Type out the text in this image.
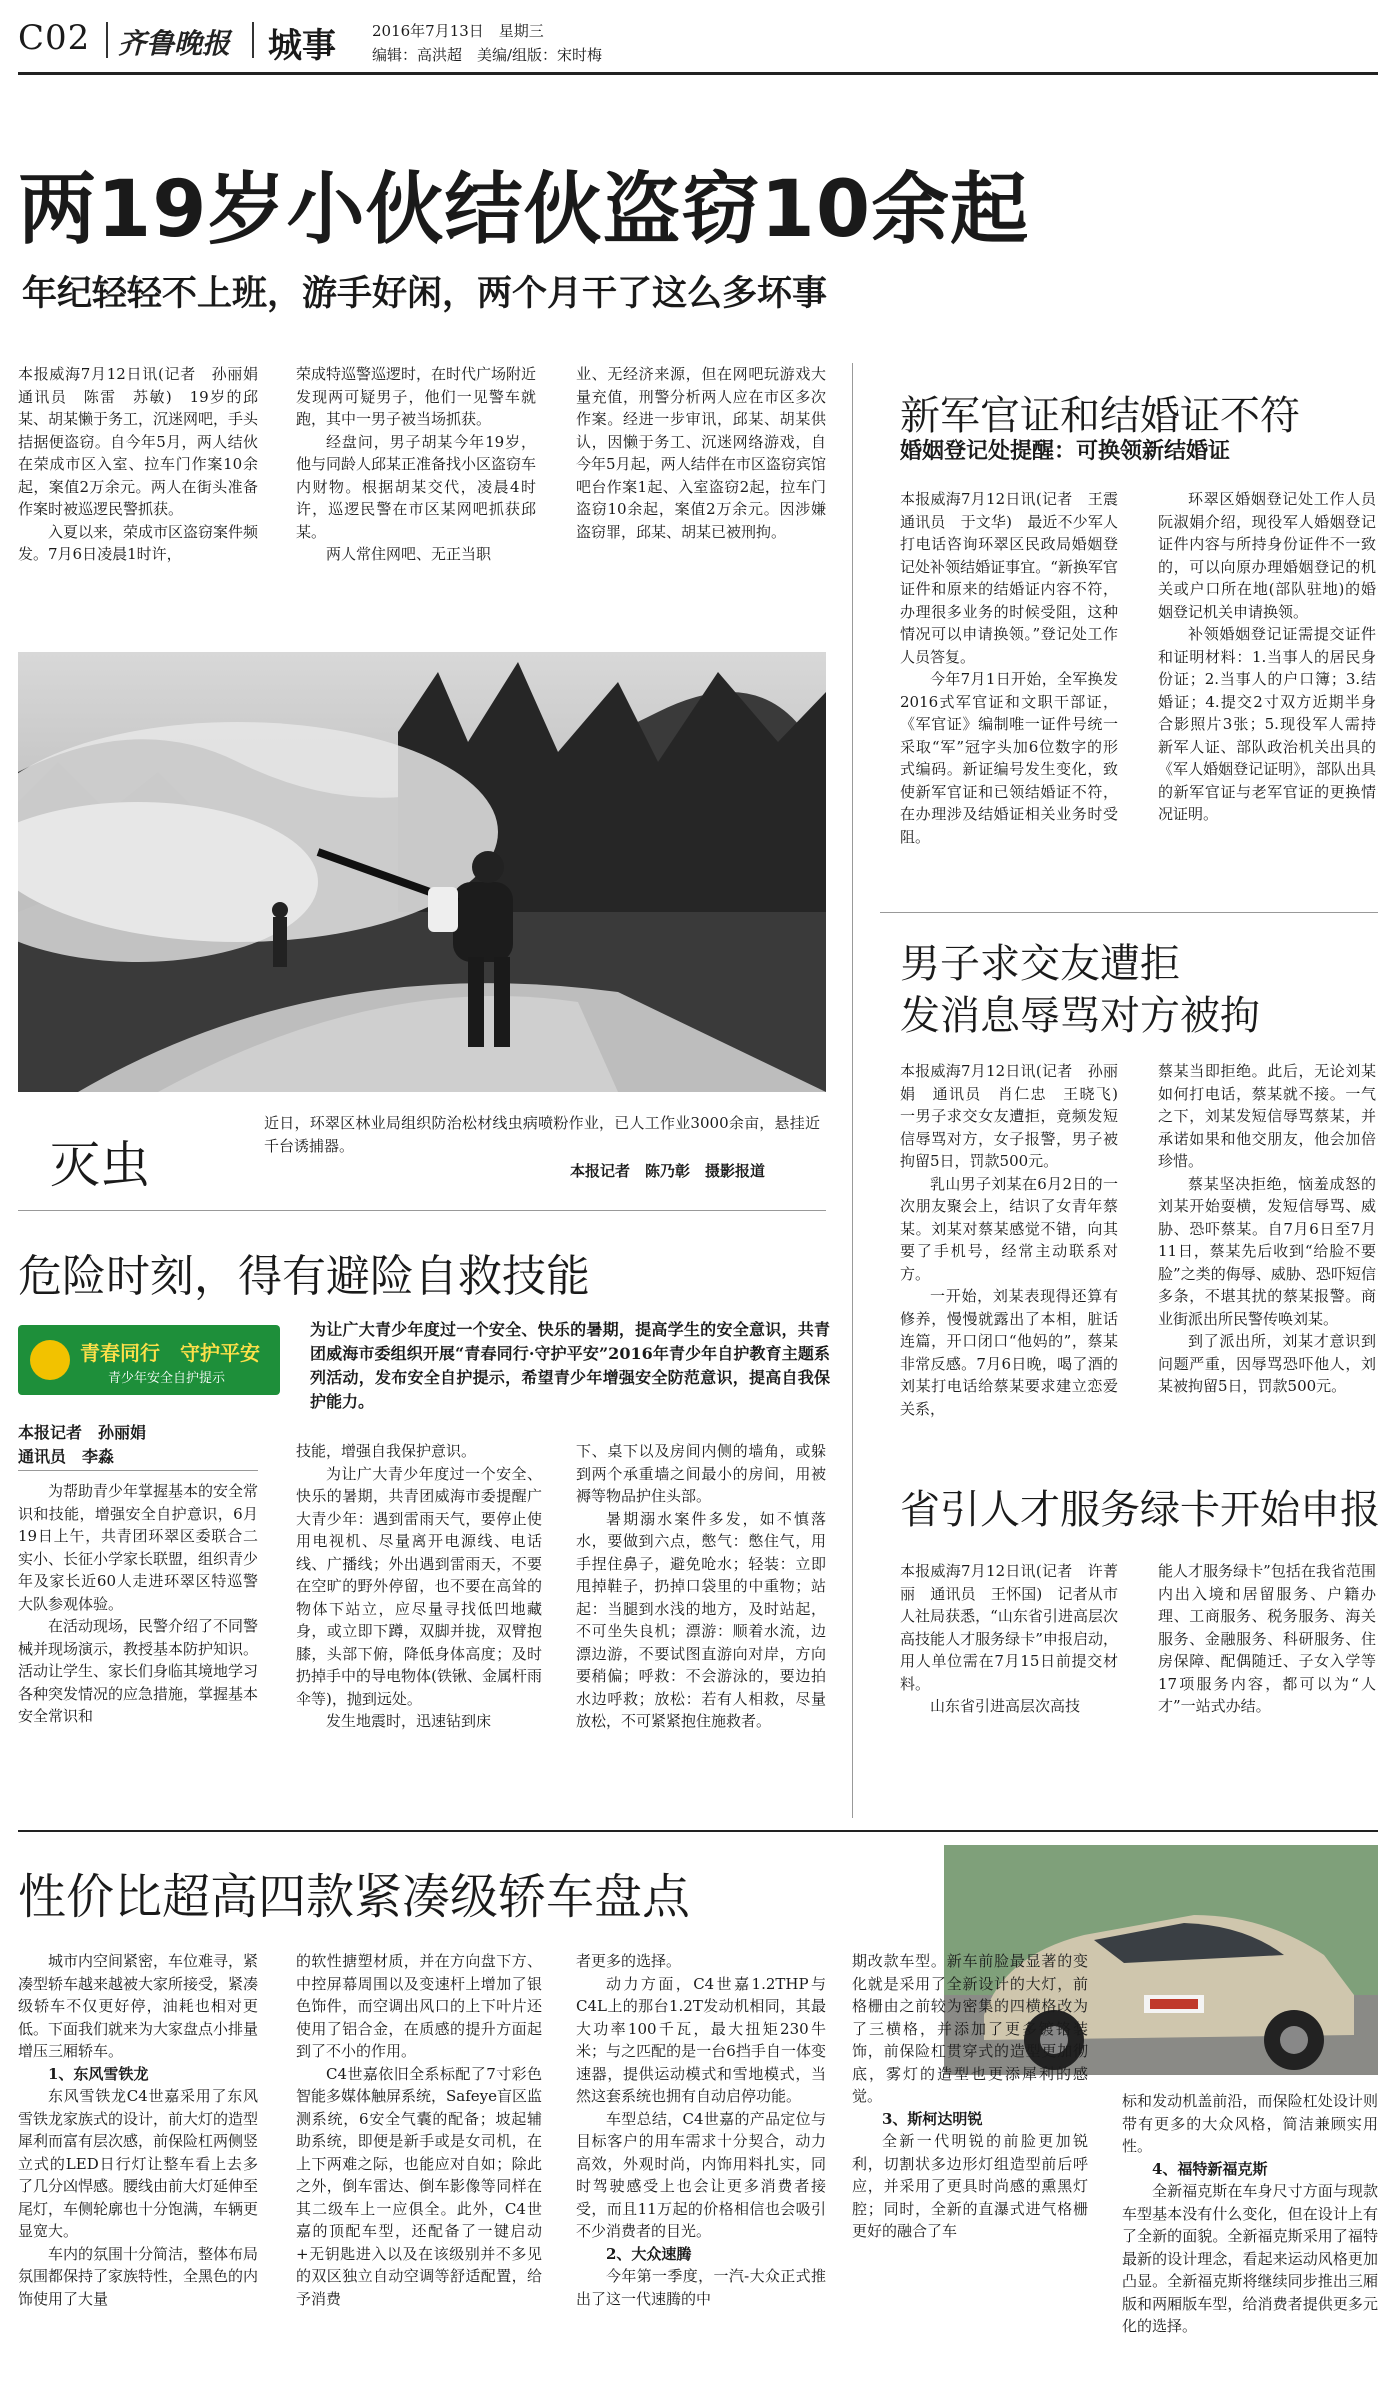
C02 齐鲁晚报 城事 2016年7月13日　星期三
编辑：高洪超　美编/组版：宋时梅
两19岁小伙结伙盗窃10余起
年纪轻轻不上班，游手好闲，两个月干了这么多坏事

本报威海7月12日讯(记者　孙丽娟　通讯员　陈雷　苏敏)　19岁的邱某、胡某懒于务工，沉迷网吧，手头拮据便盗窃。自今年5月，两人结伙在荣成市区入室、拉车门作案10余起，案值2万余元。两人在街头准备作案时被巡逻民警抓获。

入夏以来，荣成市区盗窃案件频发。7月6日凌晨1时许，

荣成特巡警巡逻时，在时代广场附近发现两可疑男子，他们一见警车就跑，其中一男子被当场抓获。

经盘问，男子胡某今年19岁，他与同龄人邱某正准备找小区盗窃车内财物。根据胡某交代，凌晨4时许，巡逻民警在市区某网吧抓获邱某。

两人常住网吧、无正当职

业、无经济来源，但在网吧玩游戏大量充值，刑警分析两人应在市区多次作案。经进一步审讯，邱某、胡某供认，因懒于务工、沉迷网络游戏，自今年5月起，两人结伴在市区盗窃宾馆吧台作案1起、入室盗窃2起，拉车门盗窃10余起，案值2万余元。因涉嫌盗窃罪，邱某、胡某已被刑拘。

灭虫
近日，环翠区林业局组织防治松材线虫病喷粉作业，已人工作业3000余亩，悬挂近千台诱捕器。
本报记者　陈乃彰　摄影报道
新军官证和结婚证不符
婚姻登记处提醒：可换领新结婚证

本报威海7月12日讯(记者　王震　通讯员　于文华)　最近不少军人打电话咨询环翠区民政局婚姻登记处补领结婚证事宜。“新换军官证件和原来的结婚证内容不符，办理很多业务的时候受阻，这种情况可以申请换领。”登记处工作人员答复。

今年7月1日开始，全军换发2016式军官证和文职干部证，《军官证》编制唯一证件号统一采取“军”冠字头加6位数字的形式编码。新证编号发生变化，致使新军官证和已领结婚证不符，在办理涉及结婚证相关业务时受阻。

环翠区婚姻登记处工作人员阮淑娟介绍，现役军人婚姻登记证件内容与所持身份证件不一致的，可以向原办理婚姻登记的机关或户口所在地(部队驻地)的婚姻登记机关申请换领。

补领婚姻登记证需提交证件和证明材料：1.当事人的居民身份证；2.当事人的户口簿；3.结婚证；4.提交2寸双方近期半身合影照片3张；5.现役军人需持新军人证、部队政治机关出具的《军人婚姻登记证明》，部队出具的新军官证与老军官证的更换情况证明。

男子求交友遭拒
发消息辱骂对方被拘

本报威海7月12日讯(记者　孙丽娟　通讯员　肖仁忠　王晓飞)　一男子求交女友遭拒，竟频发短信辱骂对方，女子报警，男子被拘留5日，罚款500元。

乳山男子刘某在6月2日的一次朋友聚会上，结识了女青年蔡某。刘某对蔡某感觉不错，向其要了手机号，经常主动联系对方。

一开始，刘某表现得还算有修养，慢慢就露出了本相，脏话连篇，开口闭口“他妈的”，蔡某非常反感。7月6日晚，喝了酒的刘某打电话给蔡某要求建立恋爱关系，

蔡某当即拒绝。此后，无论刘某如何打电话，蔡某就不接。一气之下，刘某发短信辱骂蔡某，并承诺如果和他交朋友，他会加倍珍惜。

蔡某坚决拒绝，恼羞成怒的刘某开始耍横，发短信辱骂、威胁、恐吓蔡某。自7月6日至7月11日，蔡某先后收到“给脸不要脸”之类的侮辱、威胁、恐吓短信多条，不堪其扰的蔡某报警。商业街派出所民警传唤刘某。

到了派出所，刘某才意识到问题严重，因辱骂恐吓他人，刘某被拘留5日，罚款500元。

省引人才服务绿卡开始申报

本报威海7月12日讯(记者　许菁丽　通讯员　王怀国)　记者从市人社局获悉，“山东省引进高层次高技能人才服务绿卡”申报启动，用人单位需在7月15日前提交材料。

山东省引进高层次高技

能人才服务绿卡”包括在我省范围内出入境和居留服务、户籍办理、工商服务、税务服务、海关服务、金融服务、科研服务、住房保障、配偶随迁、子女入学等17项服务内容，都可以为“人才”一站式办结。

危险时刻，得有避险自救技能
青春同行　守护平安
青少年安全自护提示
为让广大青少年度过一个安全、快乐的暑期，提高学生的安全意识，共青团威海市委组织开展“青春同行·守护平安”2016年青少年自护教育主题系列活动，发布安全自护提示，希望青少年增强安全防范意识，提高自我保护能力。
本报记者　孙丽娟
通讯员　李淼

为帮助青少年掌握基本的安全常识和技能，增强安全自护意识，6月19日上午，共青团环翠区委联合二实小、长征小学家长联盟，组织青少年及家长近60人走进环翠区特巡警大队参观体验。

在活动现场，民警介绍了不同警械并现场演示，教授基本防护知识。活动让学生、家长们身临其境地学习各种突发情况的应急措施，掌握基本安全常识和

技能，增强自我保护意识。

为让广大青少年度过一个安全、快乐的暑期，共青团威海市委提醒广大青少年：遇到雷雨天气，要停止使用电视机、尽量离开电源线、电话线、广播线；外出遇到雷雨天，不要在空旷的野外停留，也不要在高耸的物体下站立，应尽量寻找低凹地藏身，或立即下蹲，双脚并拢，双臂抱膝，头部下俯，降低身体高度；及时扔掉手中的导电物体(铁锹、金属杆雨伞等)，抛到远处。

发生地震时，迅速钻到床

下、桌下以及房间内侧的墙角，或躲到两个承重墙之间最小的房间，用被褥等物品护住头部。

暑期溺水案件多发，如不慎落水，要做到六点，憋气：憋住气，用手捏住鼻子，避免呛水；轻装：立即甩掉鞋子，扔掉口袋里的中重物；站起：当腿到水浅的地方，及时站起，不可坐失良机；漂游：顺着水流，边漂边游，不要试图直游向对岸，方向要稍偏；呼救：不会游泳的，要边拍水边呼救；放松：若有人相救，尽量放松，不可紧紧抱住施救者。

性价比超高四款紧凑级轿车盘点

城市内空间紧密，车位难寻，紧凑型轿车越来越被大家所接受，紧凑级轿车不仅更好停，油耗也相对更低。下面我们就来为大家盘点小排量增压三厢轿车。

1、东风雪铁龙

东风雪铁龙C4世嘉采用了东风雪铁龙家族式的设计，前大灯的造型犀利而富有层次感，前保险杠两侧竖立式的LED日行灯让整车看上去多了几分凶悍感。腰线由前大灯延伸至尾灯，车侧轮廓也十分饱满，车辆更显宽大。

车内的氛围十分简洁，整体布局氛围都保持了家族特性，全黑色的内饰使用了大量

的软性搪塑材质，并在方向盘下方、中控屏幕周围以及变速杆上增加了银色饰件，而空调出风口的上下叶片还使用了铝合金，在质感的提升方面起到了不小的作用。

C4世嘉依旧全系标配了7寸彩色智能多媒体触屏系统，Safeye盲区监测系统，6安全气囊的配备；坡起辅助系统，即便是新手或是女司机，在上下两难之际，也能应对自如；除此之外，倒车雷达、倒车影像等同样在其二级车上一应俱全。此外，C4世嘉的顶配车型，还配备了一键启动+无钥匙进入以及在该级别并不多见的双区独立自动空调等舒适配置，给予消费

者更多的选择。

动力方面，C4世嘉1.2THP与C4L上的那台1.2T发动机相同，其最大功率100千瓦，最大扭矩230牛米；与之匹配的是一台6挡手自一体变速器，提供运动模式和雪地模式，当然这套系统也拥有自动启停功能。

车型总结，C4世嘉的产品定位与目标客户的用车需求十分契合，动力高效，外观时尚，内饰用料扎实，同时驾驶感受上也会让更多消费者接受，而且11万起的价格相信也会吸引不少消费者的目光。

2、大众速腾

今年第一季度，一汽-大众正式推出了这一代速腾的中

期改款车型。新车前脸最显著的变化就是采用了全新设计的大灯，前格栅由之前较为密集的四横格改为了三横格，并添加了更多镀铬装饰，前保险杠贯穿式的造型更加彻底，雾灯的造型也更添犀利的感觉。

3、斯柯达明锐

全新一代明锐的前脸更加锐利，切割状多边形灯组造型前后呼应，并采用了更具时尚感的熏黑灯腔；同时，全新的直瀑式进气格栅更好的融合了车

标和发动机盖前沿，而保险杠处设计则带有更多的大众风格，简洁兼顾实用性。

4、福特新福克斯

全新福克斯在车身尺寸方面与现款车型基本没有什么变化，但在设计上有了全新的面貌。全新福克斯采用了福特最新的设计理念，看起来运动风格更加凸显。全新福克斯将继续同步推出三厢版和两厢版车型，给消费者提供更多元化的选择。
